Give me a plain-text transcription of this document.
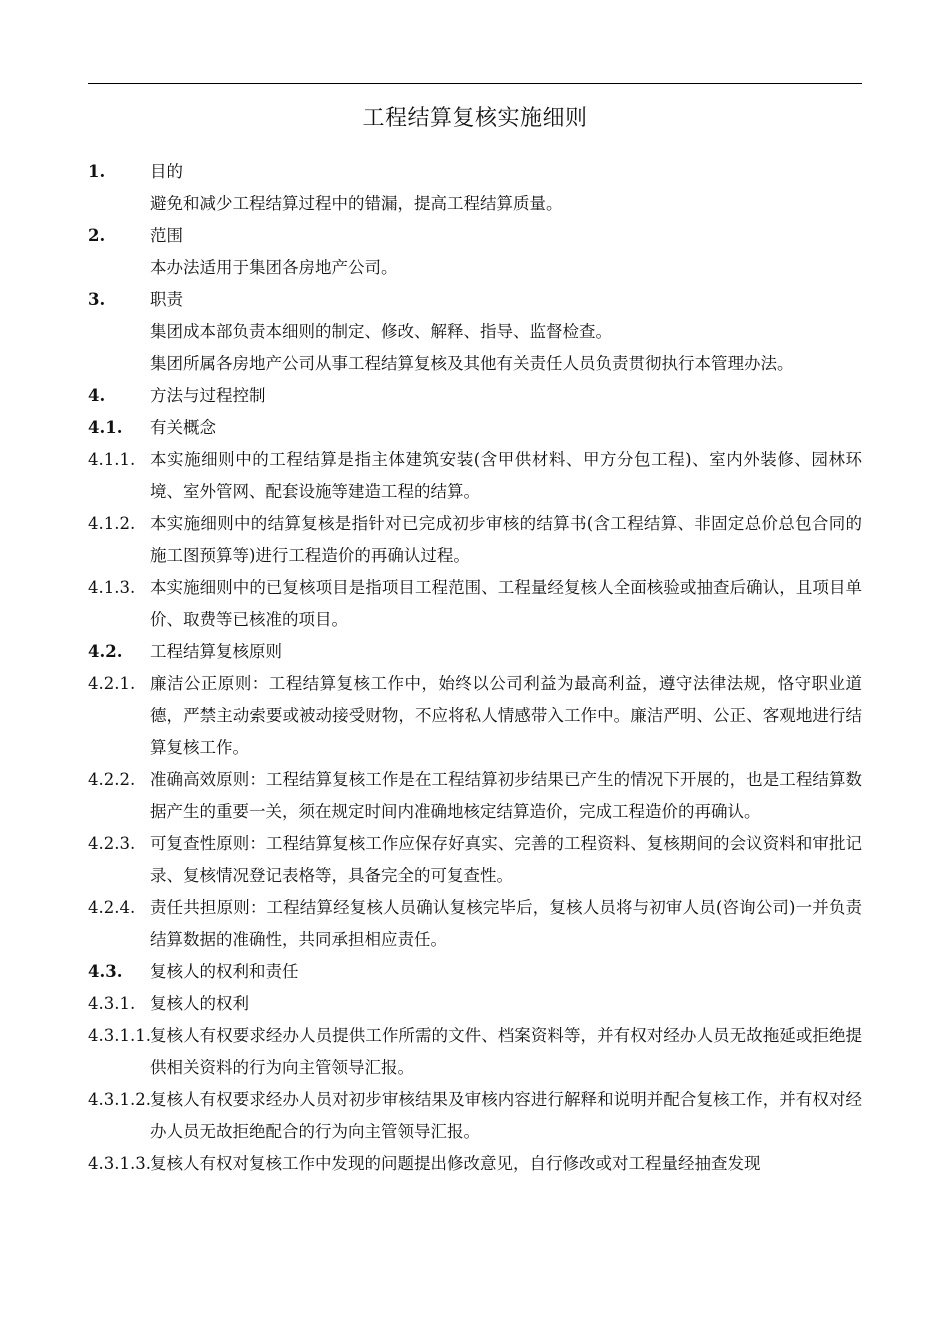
工程结算复核实施细则
1.	目的
避免和减少工程结算过程中的错漏，提高工程结算质量。
2.	范围
本办法适用于集团各房地产公司。
3.	职责
集团成本部负责本细则的制定、修改、解释、指导、监督检查。
集团所属各房地产公司从事工程结算复核及其他有关责任人员负责贯彻执行本管理办法。
4.	方法与过程控制
4.1. 有关概念
4.1.1. 本实施细则中的工程结算是指主体建筑安装(含甲供材料、甲方分包工程)、室内外装修、园林环境、室外管网、配套设施等建造工程的结算。
4.1.2. 本实施细则中的结算复核是指针对已完成初步审核的结算书(含工程结算、非固定总价总包合同的施工图预算等)进行工程造价的再确认过程。
4.1.3. 本实施细则中的已复核项目是指项目工程范围、工程量经复核人全面核验或抽查后确认，且项目单价、取费等已核准的项目。
4.2. 工程结算复核原则
4.2.1. 廉洁公正原则：工程结算复核工作中，始终以公司利益为最高利益，遵守法律法规，恪守职业道德，严禁主动索要或被动接受财物，不应将私人情感带入工作中。廉洁严明、公正、客观地进行结算复核工作。
4.2.2. 准确高效原则：工程结算复核工作是在工程结算初步结果已产生的情况下开展的，也是工程结算数据产生的重要一关，须在规定时间内准确地核定结算造价，完成工程造价的再确认。
4.2.3. 可复查性原则：工程结算复核工作应保存好真实、完善的工程资料、复核期间的会议资料和审批记录、复核情况登记表格等，具备完全的可复查性。
4.2.4. 责任共担原则：工程结算经复核人员确认复核完毕后，复核人员将与初审人员(咨询公司)一并负责结算数据的准确性，共同承担相应责任。
4.3. 复核人的权利和责任
4.3.1. 复核人的权利
4.3.1.1. 复核人有权要求经办人员提供工作所需的文件、档案资料等，并有权对经办人员无故拖延或拒绝提供相关资料的行为向主管领导汇报。
4.3.1.2. 复核人有权要求经办人员对初步审核结果及审核内容进行解释和说明并配合复核工作，并有权对经办人员无故拒绝配合的行为向主管领导汇报。
4.3.1.3. 复核人有权对复核工作中发现的问题提出修改意见，自行修改或对工程量经抽查发现
